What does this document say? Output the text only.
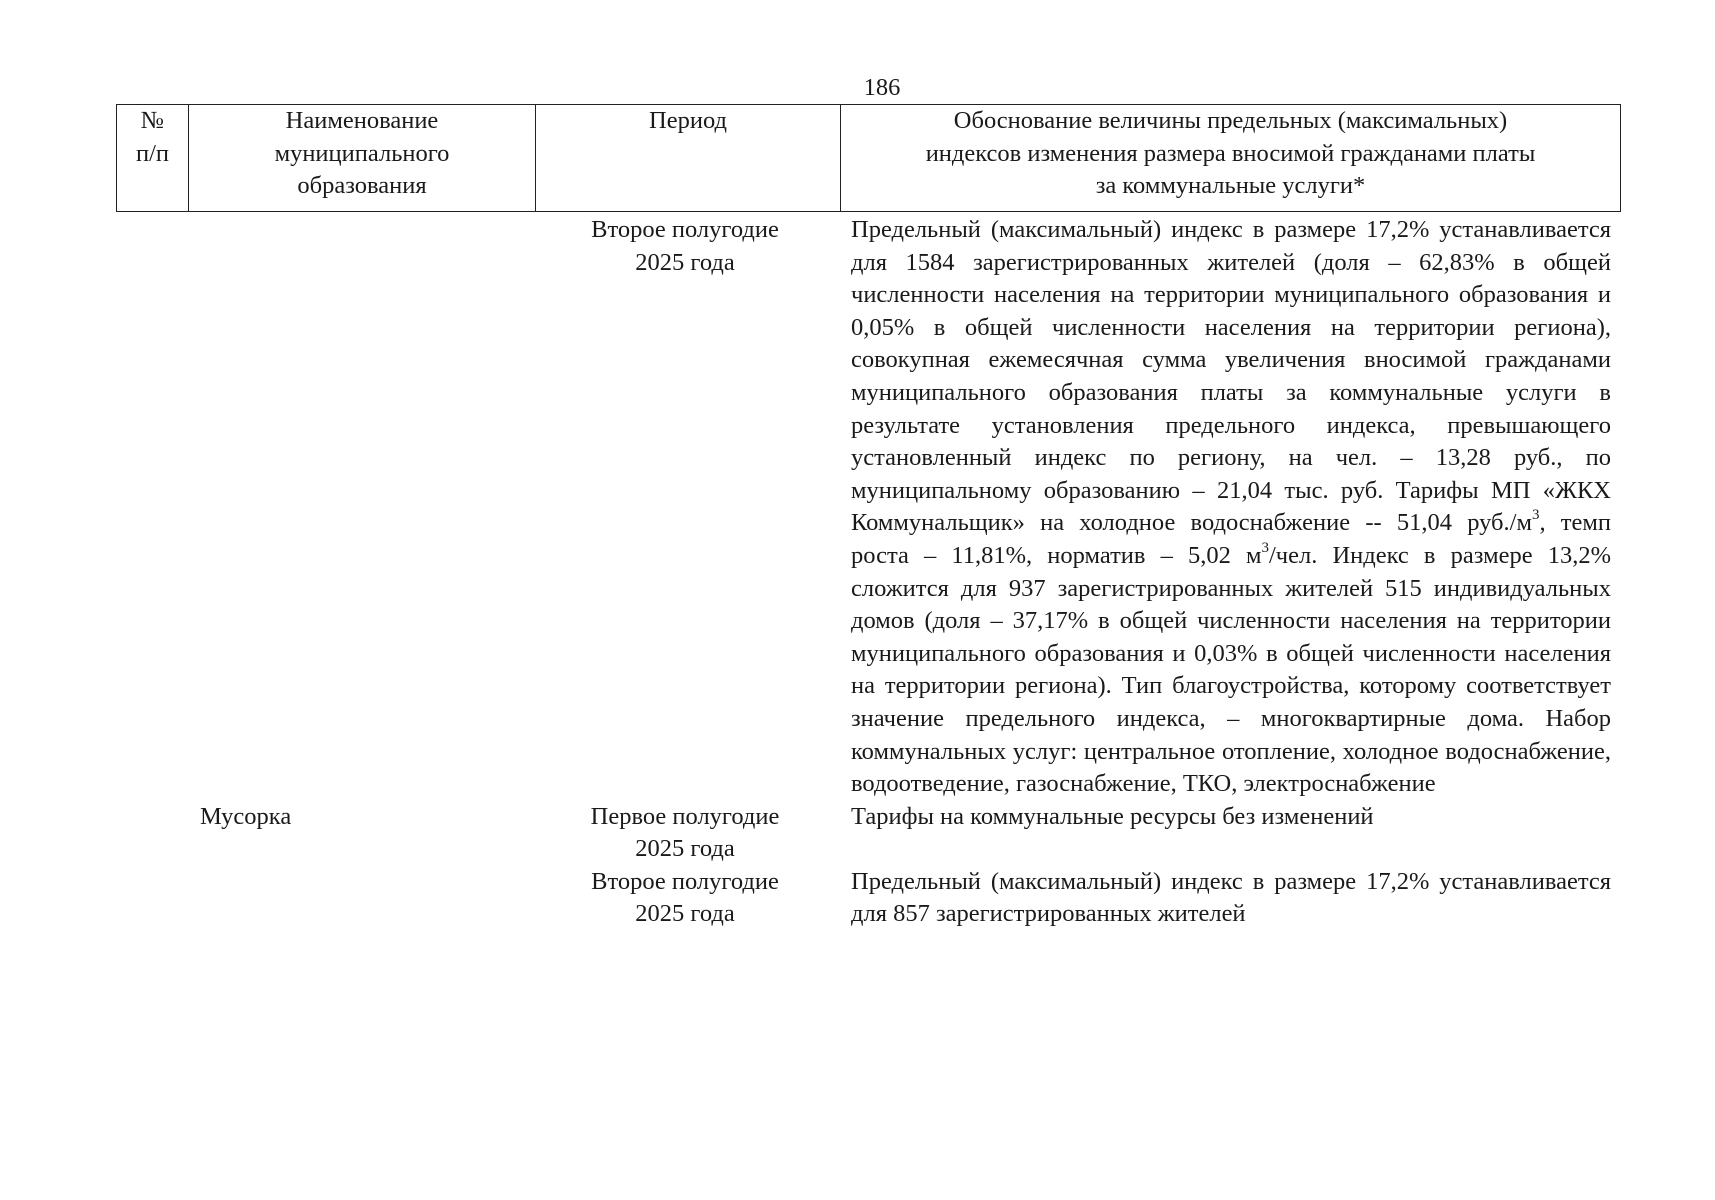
186
№
п/п
Наименование
муниципального
образования
Период	Обоснование величины предельных (максимальных)
индексов изменения размера вносимой гражданами платы
за коммунальные услуги*
Второе полугодие
2025 года
Предельный (максимальный) индекс в размере 17,2% устанавливается для 1584 зарегистрированных жителей (доля – 62,83% в общей численности населения на территории муниципального образования и 0,05% в общей численности населения на территории региона), совокупная ежемесячная сумма увеличения вносимой гражданами муниципального образования платы за коммунальные услуги в результате установления предельного индекса, превышающего установленный индекс по региону, на чел. – 13,28 руб., по муниципальному образованию – 21,04 тыс. руб. Тарифы МП «ЖКХ Коммунальщик» на холодное водоснабжение -- 51,04 $руб./м^3$, темп роста – 11,81%, норматив – 5,02 $м^3$/чел. Индекс в размере 13,2% сложится для 937 зарегистрированных жителей 515 индивидуальных домов (доля – 37,17% в общей численности населения на территории муниципального образования и 0,03% в общей численности населения на территории региона). Тип благоустройства, которому соответствует значение предельного индекса, – многоквартирные дома. Набор коммунальных услуг: центральное отопление, холодное водоснабжение, водоотведение, газоснабжение, ТКО, электроснабжение
Мусорка	Первое полугодие
2025 года
Тарифы на коммунальные ресурсы без изменений
Второе полугодие
2025 года
Предельный (максимальный) индекс в размере 17,2% устанавливается для 857 зарегистрированных жителей
